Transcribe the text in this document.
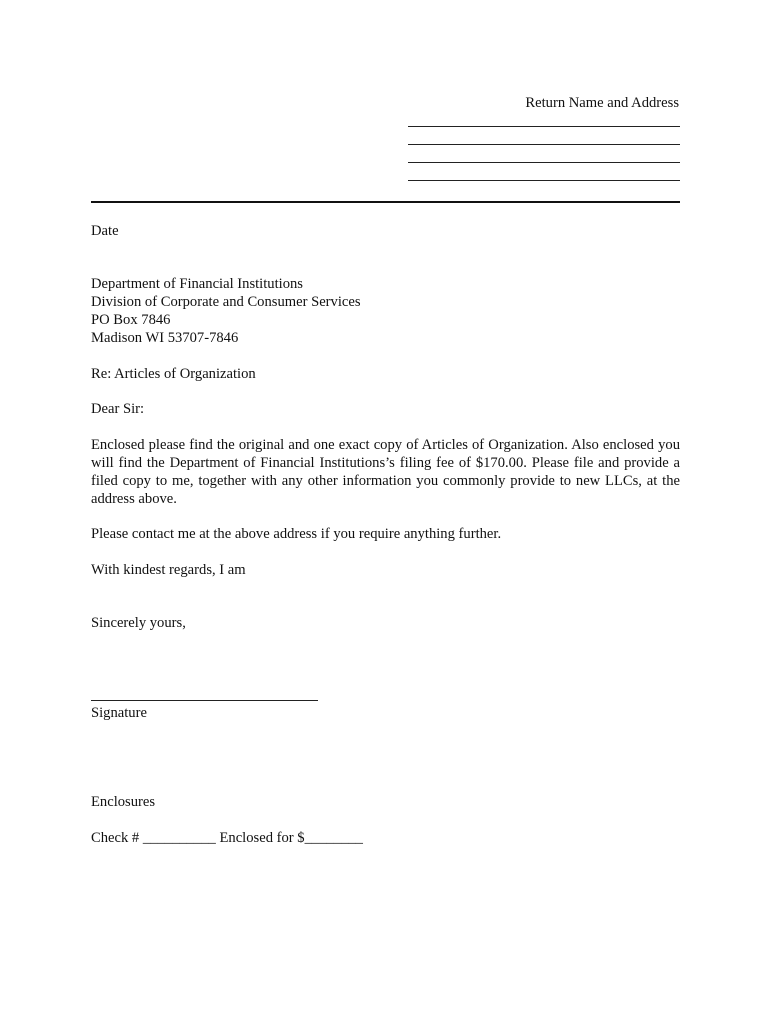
Return Name and Address
Date
Department of Financial Institutions
Division of Corporate and Consumer Services
PO Box 7846
Madison WI 53707-7846
Re: Articles of Organization
Dear Sir:
Enclosed please find the original and one exact copy of Articles of Organization. Also enclosed you will find the Department of Financial Institutions’s filing fee of $170.00. Please file and provide a filed copy to me, together with any other information you commonly provide to new LLCs, at the address above.
Please contact me at the above address if you require anything further.
With kindest regards, I am
Sincerely yours,
Signature
Enclosures
Check # __________ Enclosed for $________
